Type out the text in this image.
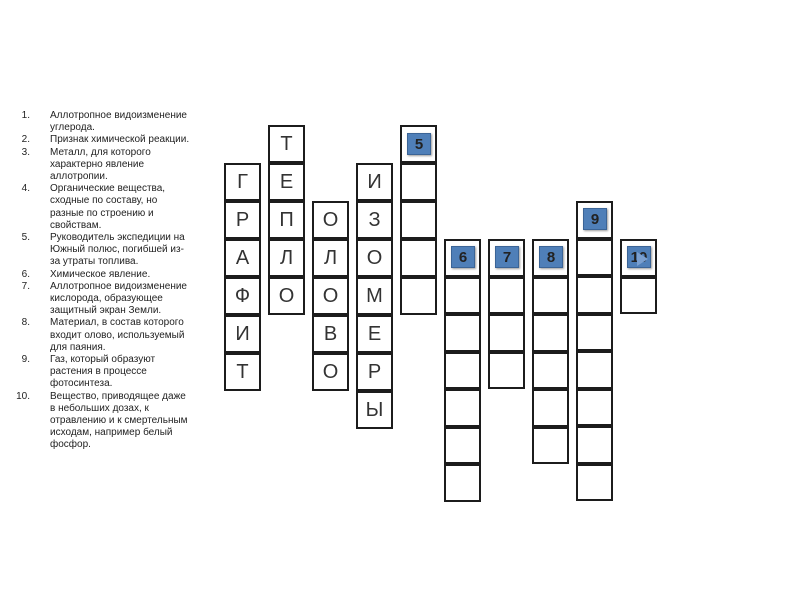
1. Аллотропное видоизменение углерода.
2. Признак химической реакции.
3. Металл, для которого характерно явление аллотропии.
4. Органические вещества, сходные по составу, но разные по строению и свойствам.
5. Руководитель экспедиции на Южный полюс, погибшей из-за утраты топлива.
6. Химическое явление.
7. Аллотропное видоизменение кислорода, образующее защитный экран Земли.
8. Материал, в состав которого входит олово, используемый для паяния.
9. Газ, который образуют растения в процессе фотосинтеза.
10. Вещество, приводящее даже в небольших дозах, к отравлению и к смертельным исходам, например белый фосфор.
Г
Р
А
Ф
И
Т
Т
Е
П
Л
О
О
Л
О
В
О
И
З
О
М
Е
Р
Ы
5
6	7	8
9
10
